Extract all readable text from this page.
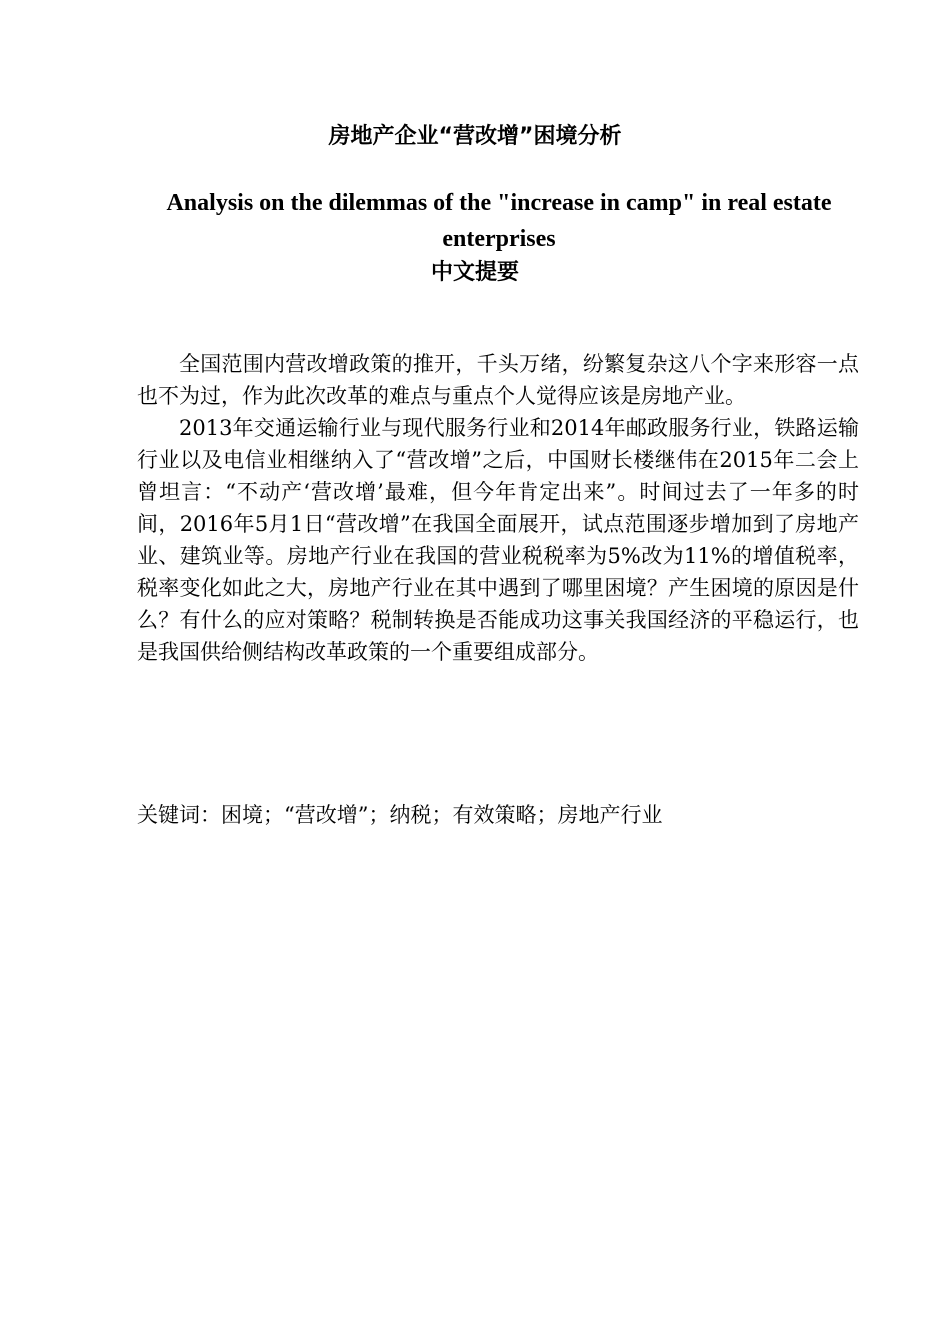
房地产企业“营改增”困境分析
Analysis on the dilemmas of the "increase in camp" in real estate enterprises
中文提要

全国范围内营改增政策的推开，千头万绪，纷繁复杂这八个字来形容一点也不为过，作为此次改革的难点与重点个人觉得应该是房地产业。

2013年交通运输行业与现代服务行业和2014年邮政服务行业，铁路运输行业以及电信业相继纳入了“营改增”之后，中国财长楼继伟在2015年二会上曾坦言：“不动产‘营改增’最难，但今年肯定出来”。时间过去了一年多的时间，2016年5月1日“营改增”在我国全面展开，试点范围逐步增加到了房地产业、建筑业等。房地产行业在我国的营业税税率为5%改为11%的增值税率，税率变化如此之大，房地产行业在其中遇到了哪里困境？产生困境的原因是什么？有什么的应对策略？税制转换是否能成功这事关我国经济的平稳运行，也是我国供给侧结构改革政策的一个重要组成部分。

关键词：困境；“营改增”；纳税；有效策略；房地产行业
